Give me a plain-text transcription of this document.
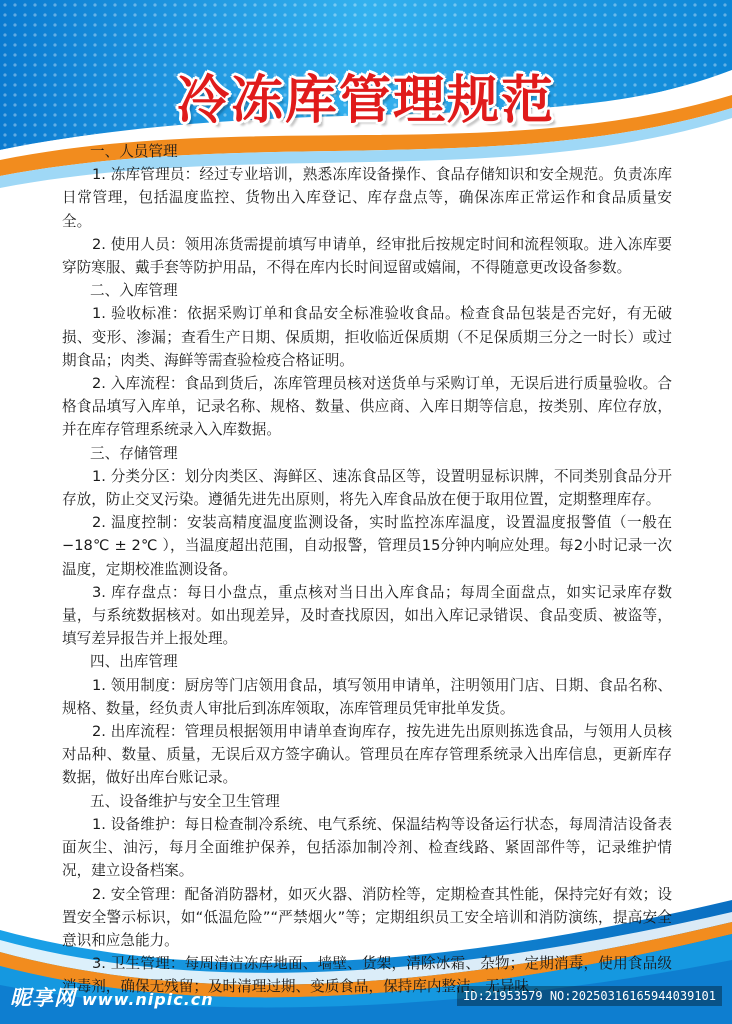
冷冻库管理规范

一、人员管理

1. 冻库管理员：经过专业培训，熟悉冻库设备操作、食品存储知识和安全规范。负责冻库日常管理，包括温度监控、货物出入库登记、库存盘点等，确保冻库正常运作和食品质量安全。

2. 使用人员：领用冻货需提前填写申请单，经审批后按规定时间和流程领取。进入冻库要穿防寒服、戴手套等防护用品，不得在库内长时间逗留或嬉闹，不得随意更改设备参数。

二、入库管理

1. 验收标准：依据采购订单和食品安全标准验收食品。检查食品包装是否完好，有无破损、变形、渗漏；查看生产日期、保质期，拒收临近保质期（不足保质期三分之一时长）或过期食品；肉类、海鲜等需查验检疫合格证明。

2. 入库流程：食品到货后，冻库管理员核对送货单与采购订单，无误后进行质量验收。合格食品填写入库单，记录名称、规格、数量、供应商、入库日期等信息，按类别、库位存放，并在库存管理系统录入入库数据。

三、存储管理

1. 分类分区：划分肉类区、海鲜区、速冻食品区等，设置明显标识牌，不同类别食品分开存放，防止交叉污染。遵循先进先出原则，将先入库食品放在便于取用位置，定期整理库存。

2. 温度控制：安装高精度温度监测设备，实时监控冻库温度，设置温度报警值（一般在 −18℃ ± 2℃ ），当温度超出范围，自动报警，管理员15分钟内响应处理。每2小时记录一次温度，定期校准监测设备。

3. 库存盘点：每日小盘点，重点核对当日出入库食品；每周全面盘点，如实记录库存数量，与系统数据核对。如出现差异，及时查找原因，如出入库记录错误、食品变质、被盗等，填写差异报告并上报处理。

四、出库管理

1. 领用制度：厨房等门店领用食品，填写领用申请单，注明领用门店、日期、食品名称、规格、数量，经负责人审批后到冻库领取，冻库管理员凭审批单发货。

2. 出库流程：管理员根据领用申请单查询库存，按先进先出原则拣选食品，与领用人员核对品种、数量、质量，无误后双方签字确认。管理员在库存管理系统录入出库信息，更新库存数据，做好出库台账记录。

五、设备维护与安全卫生管理

1. 设备维护：每日检查制冷系统、电气系统、保温结构等设备运行状态，每周清洁设备表面灰尘、油污，每月全面维护保养，包括添加制冷剂、检查线路、紧固部件等，记录维护情况，建立设备档案。

2. 安全管理：配备消防器材，如灭火器、消防栓等，定期检查其性能，保持完好有效；设置安全警示标识，如“低温危险”“严禁烟火”等；定期组织员工安全培训和消防演练，提高安全意识和应急能力。

3. 卫生管理：每周清洁冻库地面、墙壁、货架，清除冰霜、杂物；定期消毒，使用食品级消毒剂，确保无残留；及时清理过期、变质食品，保持库内整洁、无异味 。

昵享网 www.nipic.cn	ID:21953579 NO:20250316165944039101
